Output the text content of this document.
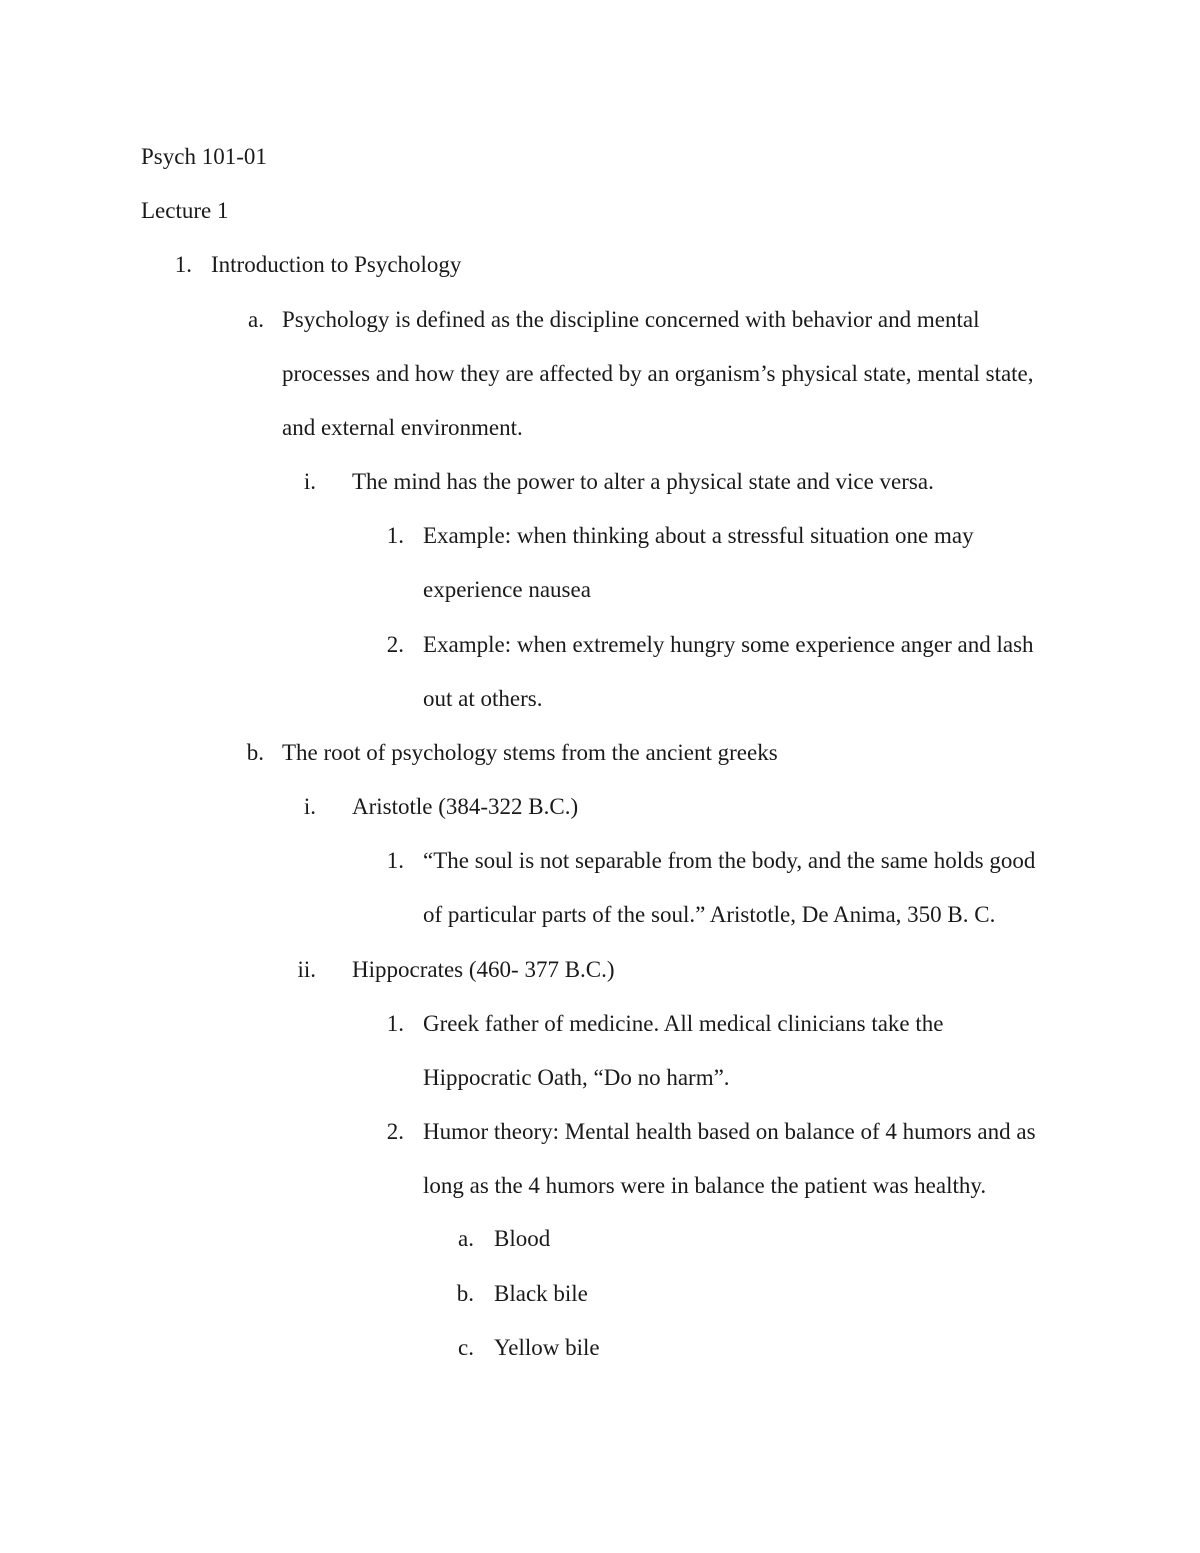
Psych 101-01
Lecture 1
1. Introduction to Psychology
a. Psychology is defined as the discipline concerned with behavior and mental
processes and how they are affected by an organism’s physical state, mental state,
and external environment.
i. The mind has the power to alter a physical state and vice versa.
1. Example: when thinking about a stressful situation one may
experience nausea
2. Example: when extremely hungry some experience anger and lash
out at others.
b. The root of psychology stems from the ancient greeks
i. Aristotle (384-322 B.C.)
1. “The soul is not separable from the body, and the same holds good
of particular parts of the soul.” Aristotle, De Anima, 350 B. C.
ii. Hippocrates (460- 377 B.C.)
1. Greek father of medicine. All medical clinicians take the
Hippocratic Oath, “Do no harm”.
2. Humor theory: Mental health based on balance of 4 humors and as
long as the 4 humors were in balance the patient was healthy.
a. Blood
b. Black bile
c. Yellow bile
